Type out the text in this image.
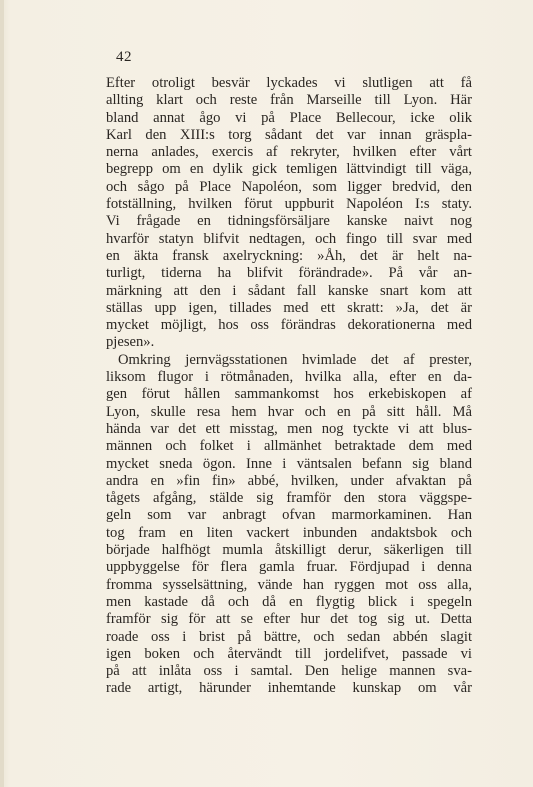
42
Efter otroligt besvär lyckades vi slutligen att få
allting klart och reste från Marseille till Lyon. Här
bland annat ågo vi på Place Bellecour, icke olik
Karl den XIII:s torg sådant det var innan gräspla-
nerna anlades, exercis af rekryter, hvilken efter vårt
begrepp om en dylik gick temligen lättvindigt till väga,
och sågo på Place Napoléon, som ligger bredvid, den
fotställning, hvilken förut uppburit Napoléon I:s staty.
Vi frågade en tidningsförsäljare kanske naivt nog
hvarför statyn blifvit nedtagen, och fingo till svar med
en äkta fransk axelryckning: »Åh, det är helt na-
turligt, tiderna ha blifvit förändrade». På vår an-
märkning att den i sådant fall kanske snart kom att
ställas upp igen, tillades med ett skratt: »Ja, det är
mycket möjligt, hos oss förändras dekorationerna med
pjesen».
Omkring jernvägsstationen hvimlade det af prester,
liksom flugor i rötmånaden, hvilka alla, efter en da-
gen förut hållen sammankomst hos erkebiskopen af
Lyon, skulle resa hem hvar och en på sitt håll. Må
hända var det ett misstag, men nog tyckte vi att blus-
männen och folket i allmänhet betraktade dem med
mycket sneda ögon. Inne i väntsalen befann sig bland
andra en »fin fin» abbé, hvilken, under afvaktan på
tågets afgång, stälde sig framför den stora väggspe-
geln som var anbragt ofvan marmorkaminen. Han
tog fram en liten vackert inbunden andaktsbok och
började halfhögt mumla åtskilligt derur, säkerligen till
uppbyggelse för flera gamla fruar. Fördjupad i denna
fromma sysselsättning, vände han ryggen mot oss alla,
men kastade då och då en flygtig blick i spegeln
framför sig för att se efter hur det tog sig ut. Detta
roade oss i brist på bättre, och sedan abbén slagit
igen boken och återvändt till jordelifvet, passade vi
på att inlåta oss i samtal. Den helige mannen sva-
rade artigt, härunder inhemtande kunskap om vår
